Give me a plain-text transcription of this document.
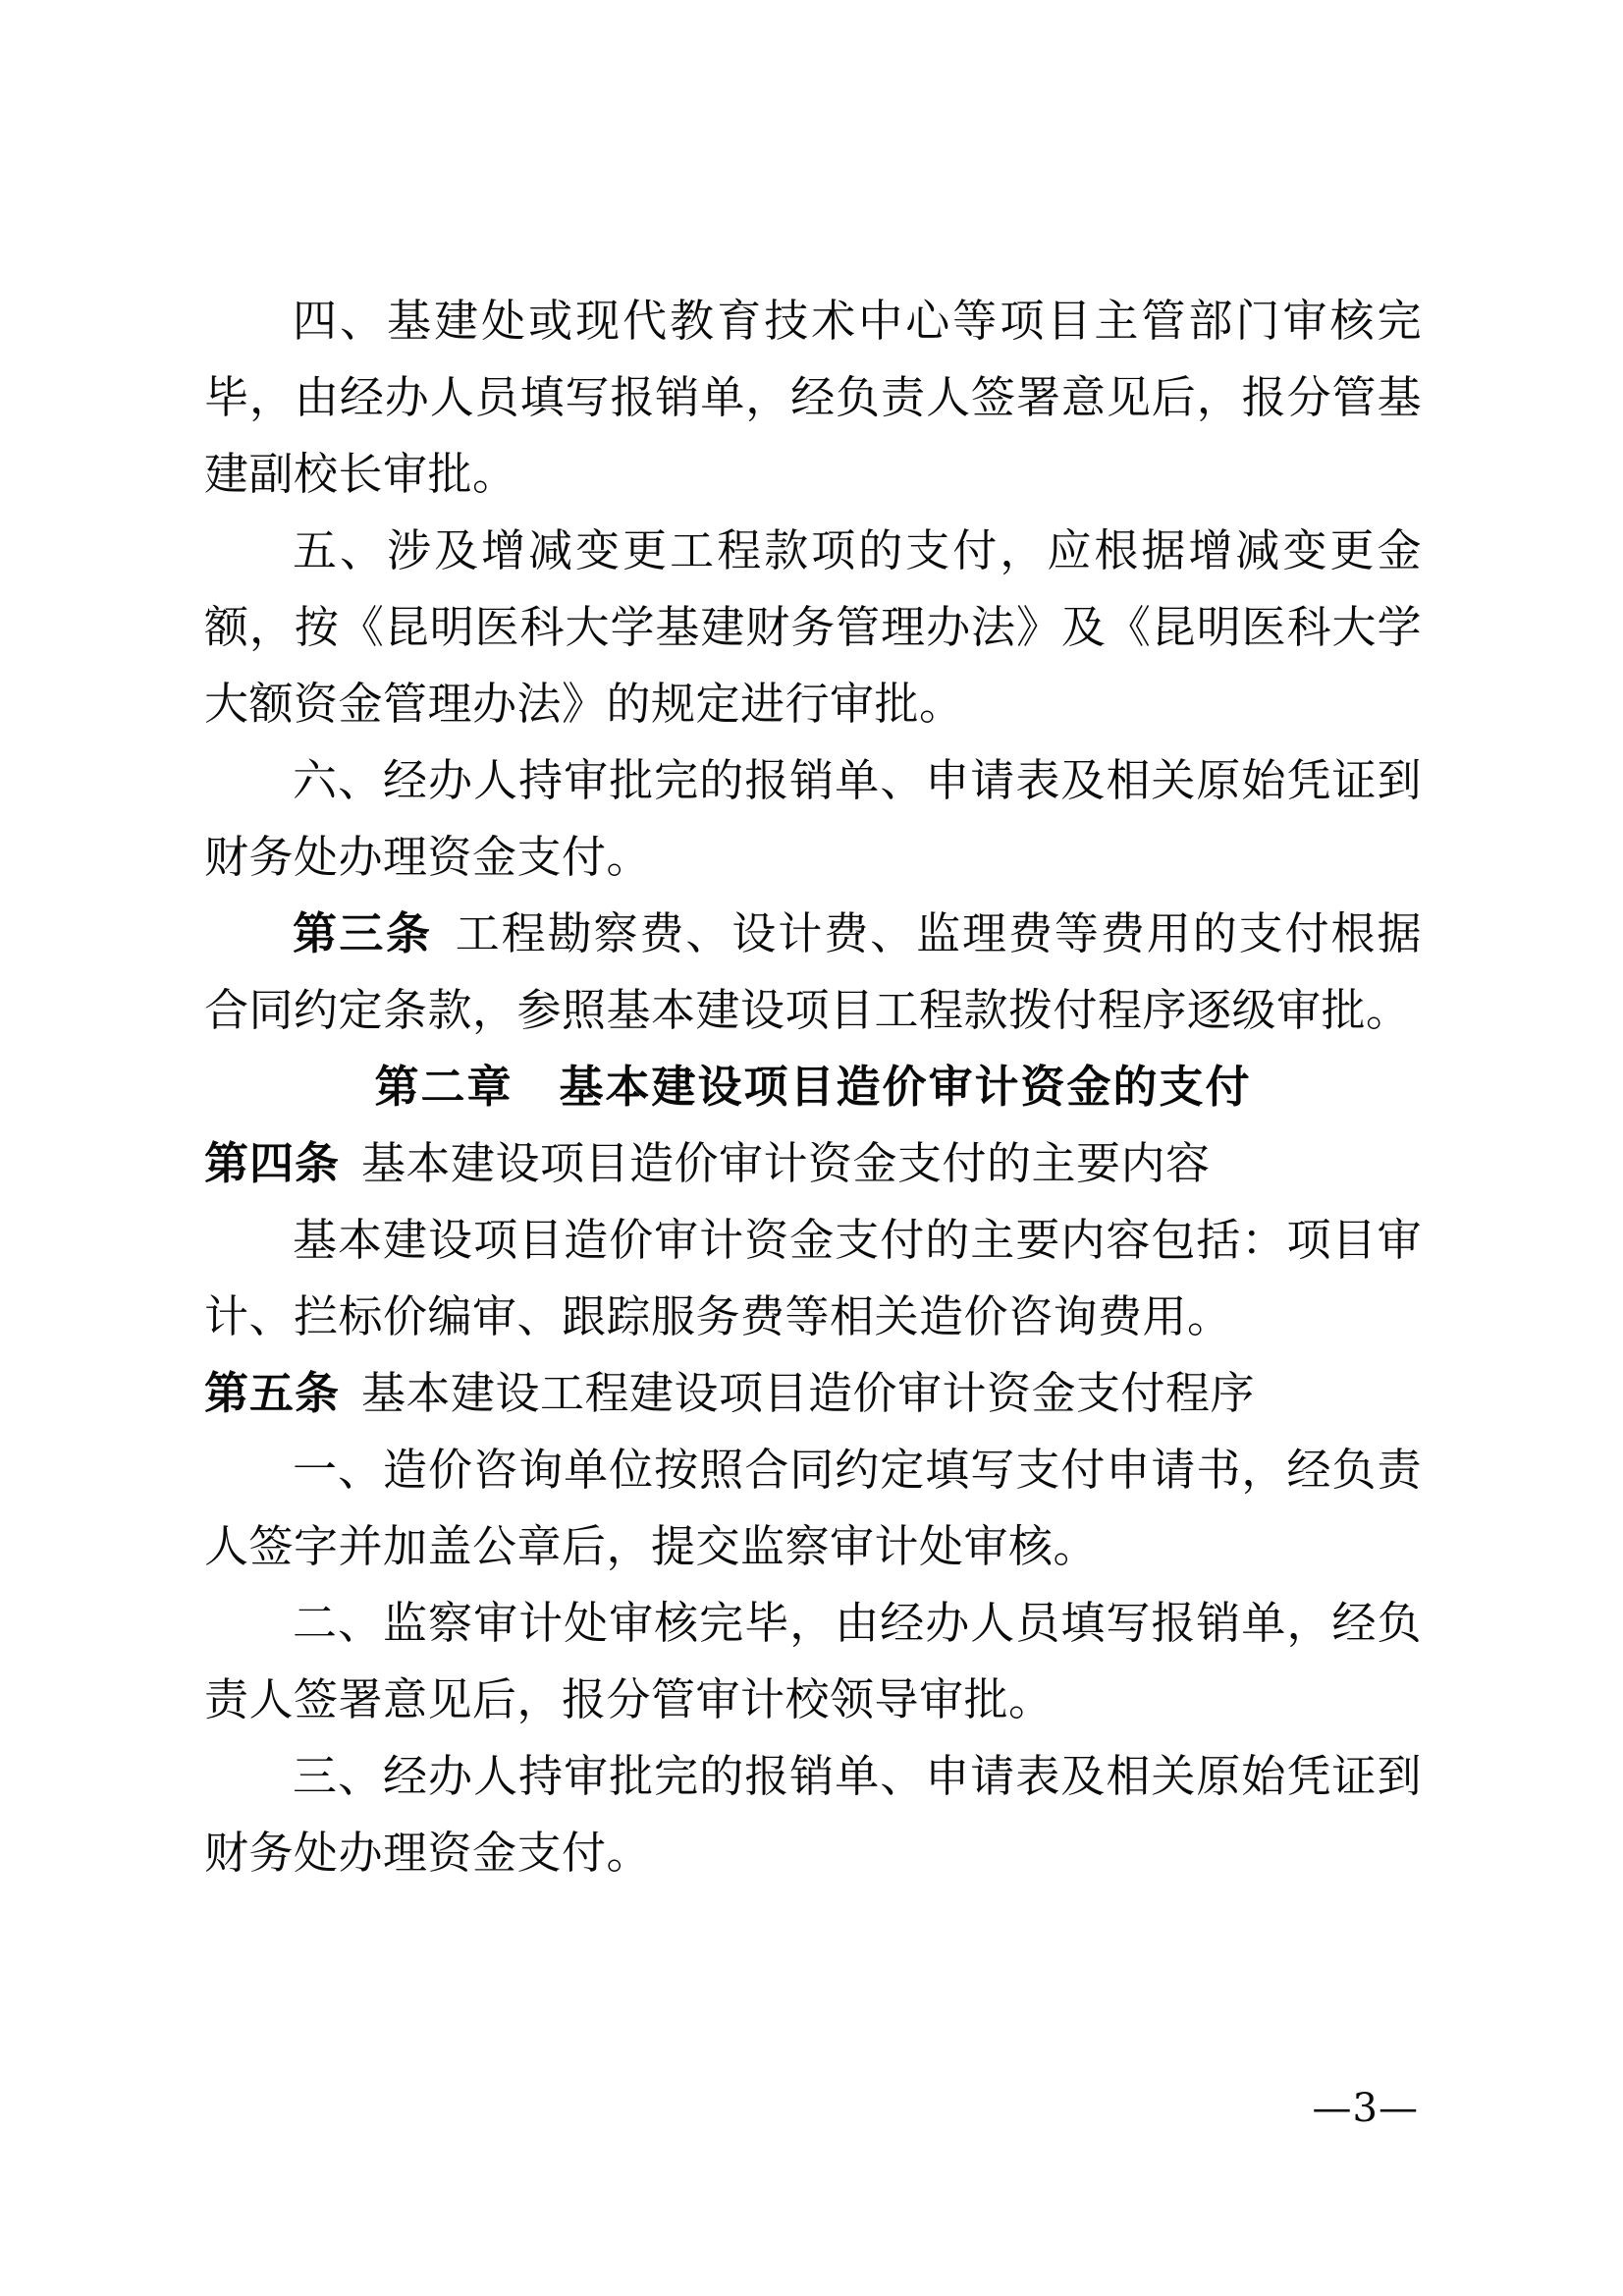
四、基建处或现代教育技术中心等项目主管部门审核完毕，由经办人员填写报销单，经负责人签署意见后，报分管基建副校长审批。

五、涉及增减变更工程款项的支付，应根据增减变更金额，按《昆明医科大学基建财务管理办法》及《昆明医科大学大额资金管理办法》的规定进行审批。

六、经办人持审批完的报销单、申请表及相关原始凭证到财务处办理资金支付。

第三条 工程勘察费、设计费、监理费等费用的支付根据合同约定条款，参照基本建设项目工程款拨付程序逐级审批。

第二章　基本建设项目造价审计资金的支付

第四条 基本建设项目造价审计资金支付的主要内容

基本建设项目造价审计资金支付的主要内容包括：项目审计、拦标价编审、跟踪服务费等相关造价咨询费用。

第五条 基本建设工程建设项目造价审计资金支付程序

一、造价咨询单位按照合同约定填写支付申请书，经负责人签字并加盖公章后，提交监察审计处审核。

二、监察审计处审核完毕，由经办人员填写报销单，经负责人签署意见后，报分管审计校领导审批。

三、经办人持审批完的报销单、申请表及相关原始凭证到财务处办理资金支付。

—3—
